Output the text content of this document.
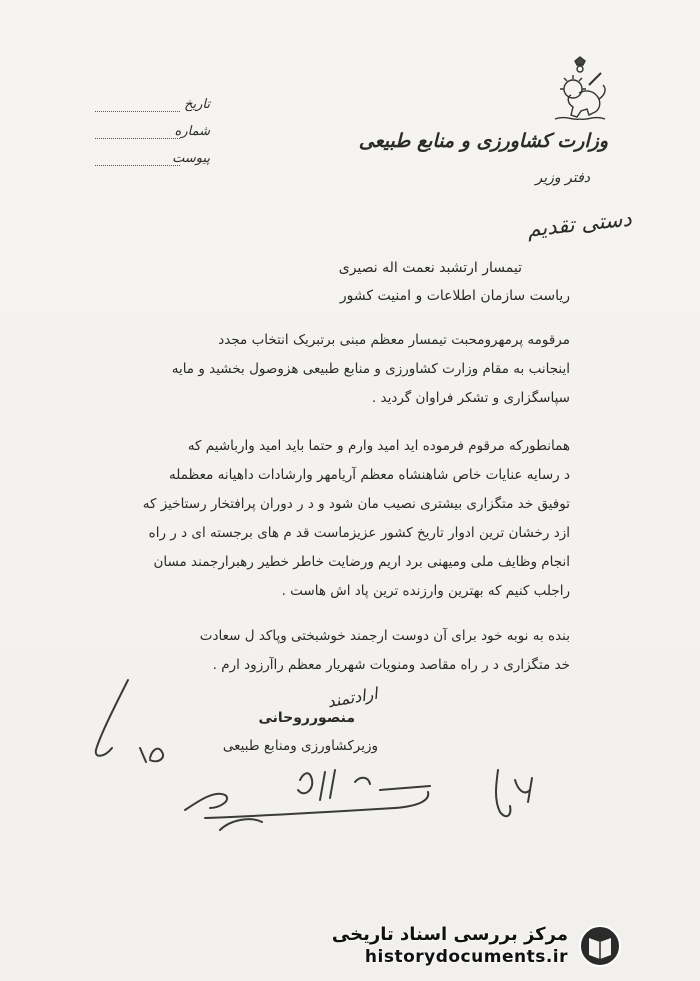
وزارت کشاورزی و منابع طبیعی
دفتر وزیر
تاریخ
شماره
پیوست
دستی تقدیم
تیمسار ارتشبد نعمت اله نصیری
ریاست سازمان اطلاعات و امنیت کشور
مرقومه پرمهرومحبت تیمسار معظم مبنی برتبریک انتخاب مجدد
اینجانب به مقام وزارت کشاورزی و منابع طبیعی هزوصول بخشید و مایه
سپاسگزاری و تشکر فراوان گردید .
همانطورکه مرقوم فرموده اید امید وارم و حتما باید امید وارباشیم که
د رسایه عنایات خاص شاهنشاه معظم آریامهر وارشادات داهیانه معظمله
توفیق خد متگزاری بیشتری نصیب مان شود و د ر دوران پرافتخار رستاخیز که
ازد رخشان ترین ادوار تاریخ کشور عزیزماست قد م های برجسته ای د ر راه
انجام وظایف ملی ومیهنی برد اریم ورضایت خاطر خطیر رهبرارجمند مسان
راجلب کنیم که بهترین وارزنده ترین پاد اش هاست .
بنده به نوبه خود برای آن دوست ارجمند خوشبختی وپاکد ل سعادت
خد متگزاری د ر راه مقاصد ومنویات شهریار معظم راآرزود ارم .
ارادتمند
منصورروحانی
وزیرکشاورزی ومنابع طبیعی
مرکز بررسی اسناد تاریخی
historydocuments.ir
